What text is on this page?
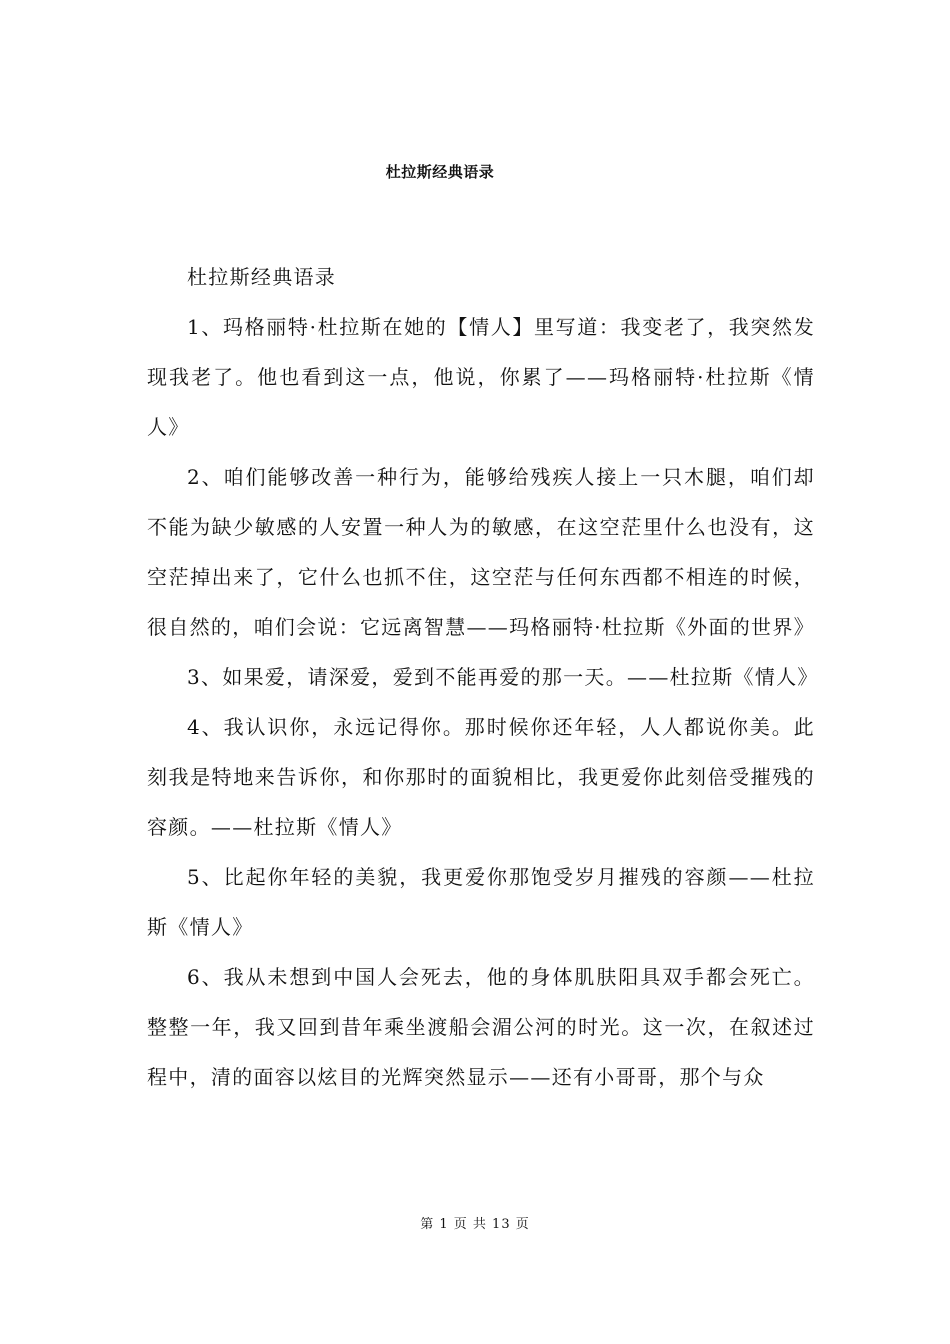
杜拉斯经典语录

杜拉斯经典语录

1、玛格丽特·杜拉斯在她的【情人】里写道：我变老了，我突然发现我老了。他也看到这一点，他说，你累了——玛格丽特·杜拉斯《情人》

2、咱们能够改善一种行为，能够给残疾人接上一只木腿，咱们却不能为缺少敏感的人安置一种人为的敏感，在这空茫里什么也没有，这空茫掉出来了，它什么也抓不住，这空茫与任何东西都不相连的时候，很自然的，咱们会说：它远离智慧——玛格丽特·杜拉斯《外面的世界》

3、如果爱，请深爱，爱到不能再爱的那一天。——杜拉斯《情人》

4、我认识你，永远记得你。那时候你还年轻，人人都说你美。此刻我是特地来告诉你，和你那时的面貌相比，我更爱你此刻倍受摧残的容颜。——杜拉斯《情人》

5、比起你年轻的美貌，我更爱你那饱受岁月摧残的容颜——杜拉斯《情人》

6、我从未想到中国人会死去，他的身体肌肤阳具双手都会死亡。整整一年，我又回到昔年乘坐渡船会湄公河的时光。这一次，在叙述过程中，清的面容以炫目的光辉突然显示——还有小哥哥，那个与众

第 1 页 共 13 页
